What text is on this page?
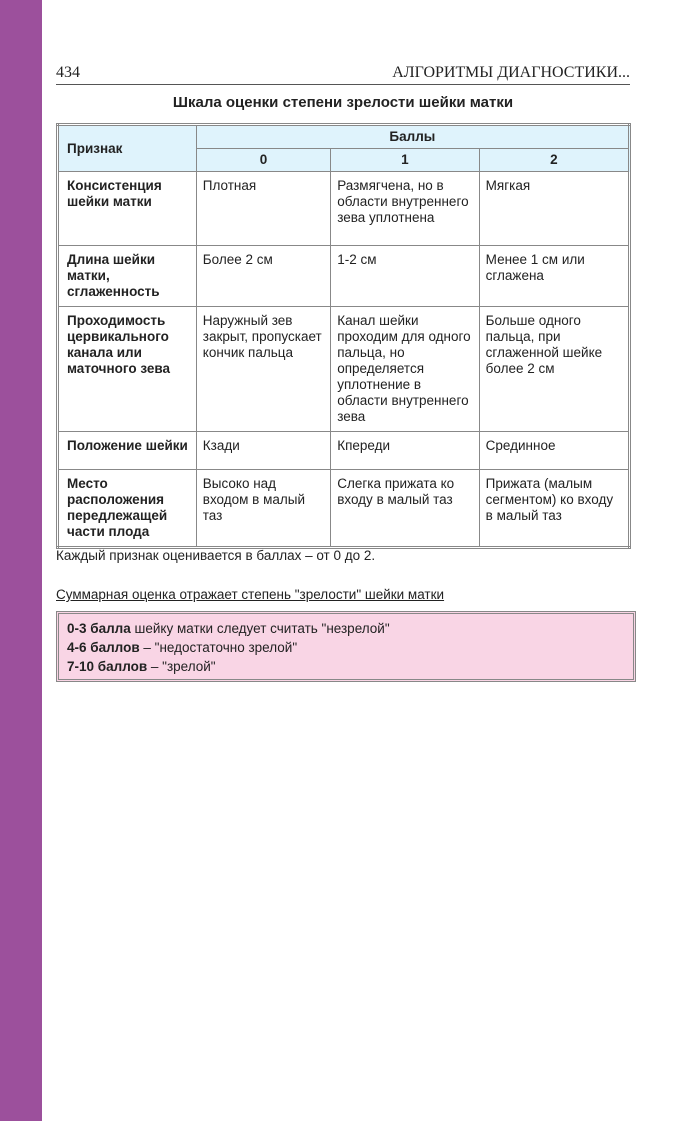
434	АЛГОРИТМЫ ДИАГНОСТИКИ...
Шкала оценки степени зрелости шейки матки
Признак	Баллы		
	0	1	2
Консистенция шейки матки	Плотная	Размягчена, но в области внутреннего зева уплотнена	Мягкая
Длина шейки матки, сглаженность	Более 2 см	1-2 см	Менее 1 см или сглажена
Проходимость цервикального канала или маточного зева	Наружный зев закрыт, пропускает кончик пальца	Канал шейки проходим для одного пальца, но определяется уплотнение в области внутреннего зева	Больше одного пальца, при сглаженной шейке более 2 см
Положение шейки	Кзади	Кпереди	Срединное
Место расположения передлежащей части плода	Высоко над входом в малый таз	Слегка прижата ко входу в малый таз	Прижата (малым сегментом) ко входу в малый таз
Каждый признак оценивается в баллах – от 0 до 2.
Суммарная оценка отражает степень "зрелости" шейки матки
0-3 балла шейку матки следует считать "незрелой"
4-6 баллов – "недостаточно зрелой"
7-10 баллов – "зрелой"
